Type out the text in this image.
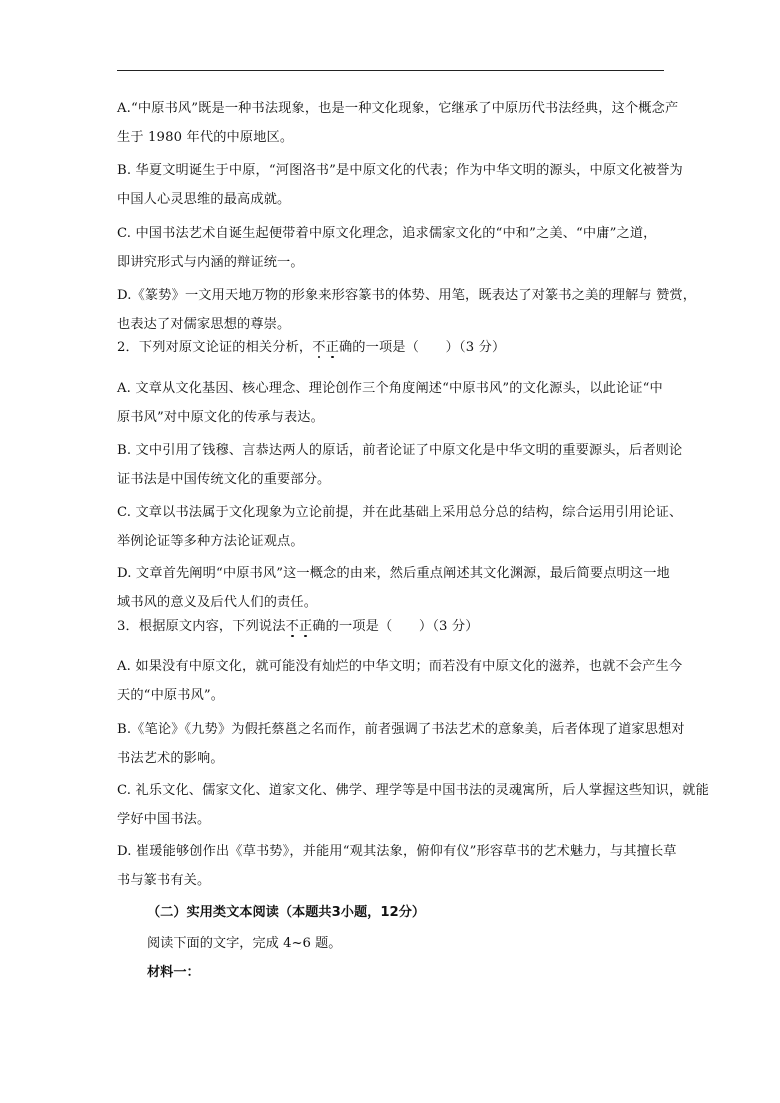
A.“中原书风”既是一种书法现象，也是一种文化现象，它继承了中原历代书法经典，这个概念产
生于 1980 年代的中原地区。
B. 华夏文明诞生于中原，“河图洛书”是中原文化的代表；作为中华文明的源头，中原文化被誉为
中国人心灵思维的最高成就。
C. 中国书法艺术自诞生起便带着中原文化理念，追求儒家文化的“中和”之美、“中庸”之道，
即讲究形式与内涵的辩证统一。
D.《篆势》一文用天地万物的形象来形容篆书的体势、用笔，既表达了对篆书之美的理解与 赞赏，
也表达了对儒家思想的尊崇。
2．下列对原文论证的相关分析，不正确的一项是（　　）（3 分）
A. 文章从文化基因、核心理念、理论创作三个角度阐述“中原书风”的文化源头，以此论证“中
原书风”对中原文化的传承与表达。
B. 文中引用了钱穆、言恭达两人的原话，前者论证了中原文化是中华文明的重要源头，后者则论
证书法是中国传统文化的重要部分。
C. 文章以书法属于文化现象为立论前提，并在此基础上采用总分总的结构，综合运用引用论证、
举例论证等多种方法论证观点。
D. 文章首先阐明“中原书风”这一概念的由来，然后重点阐述其文化渊源，最后简要点明这一地
域书风的意义及后代人们的责任。
3．根据原文内容，下列说法不正确的一项是（　　）（3 分）
A. 如果没有中原文化，就可能没有灿烂的中华文明；而若没有中原文化的滋养，也就不会产生今
天的“中原书风”。
B.《笔论》《九势》为假托蔡邕之名而作，前者强调了书法艺术的意象美，后者体现了道家思想对
书法艺术的影响。
C. 礼乐文化、儒家文化、道家文化、佛学、理学等是中国书法的灵魂寓所，后人掌握这些知识，就能
学好中国书法。
D. 崔瑗能够创作出《草书势》，并能用“观其法象，俯仰有仪”形容草书的艺术魅力，与其擅长草
书与篆书有关。
（二）实用类文本阅读（本题共3小题，12分）
阅读下面的文字，完成 4~6 题。
材料一：
